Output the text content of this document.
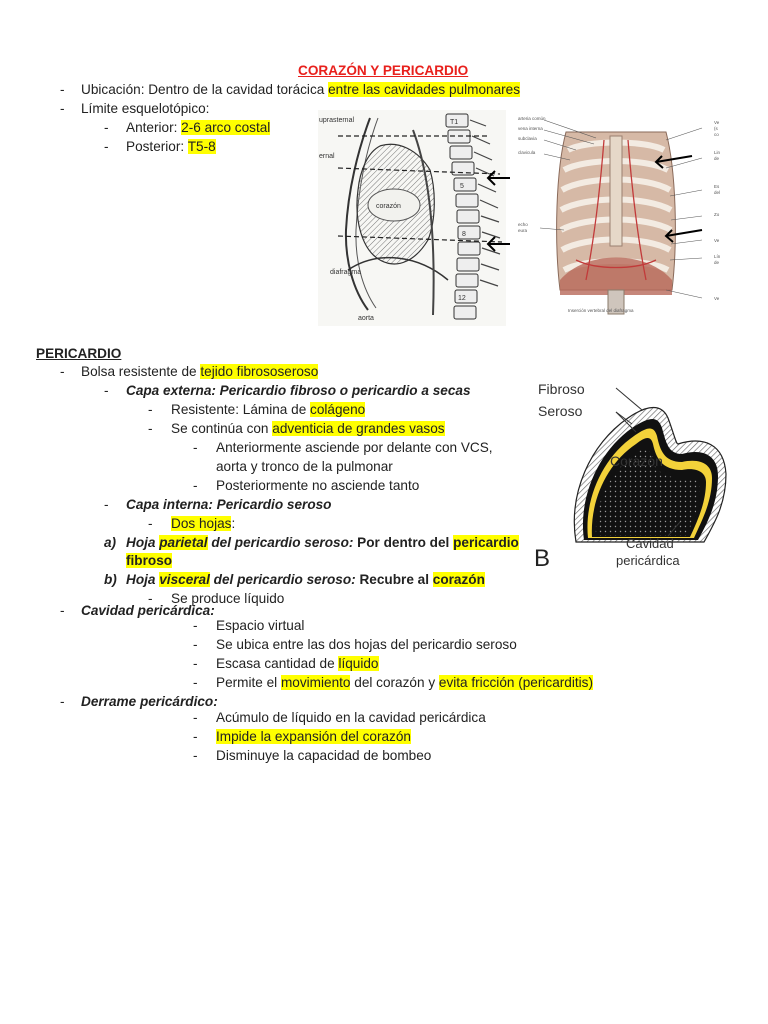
CORAZÓN Y PERICARDIO
- Ubicación: Dentro de la cavidad torácica entre las cavidades pulmonares
- Límite esquelotópico:
- Anterior: 2-6 arco costal
- Posterior: T5-8
uprasternal
ernal
corazón
diafragma
aorta
T1
5
8
12
arteria común
vena interna
subclavia
clavicula
echo
eura
Ve
(s
co
Lin
de
Es
del
Zo
Ve
Lín
de
Ve
Inserción vertebral del diafragma
PERICARDIO
- Bolsa resistente de tejido fibrososeroso
- Capa externa: Pericardio fibroso o pericardio a secas
- Resistente: Lámina de colágeno
- Se continúa con adventicia de grandes vasos
- Anteriormente asciende por delante con VCS,
aorta y tronco de la pulmonar
- Posteriormente no asciende tanto
- Capa interna: Pericardio seroso
- Dos hojas:
a) Hoja parietal del pericardio seroso: Por dentro del pericardio
fibroso
b) Hoja visceral del pericardio seroso: Recubre al corazón
- Se produce líquido
Fibroso
Seroso
Corazón
Cavidad
pericárdica
B
- Cavidad pericárdica:
- Espacio virtual
- Se ubica entre las dos hojas del pericardio seroso
- Escasa cantidad de líquido
- Permite el movimiento del corazón y evita fricción (pericarditis)
- Derrame pericárdico:
- Acúmulo de líquido en la cavidad pericárdica
- Impide la expansión del corazón
- Disminuye la capacidad de bombeo
